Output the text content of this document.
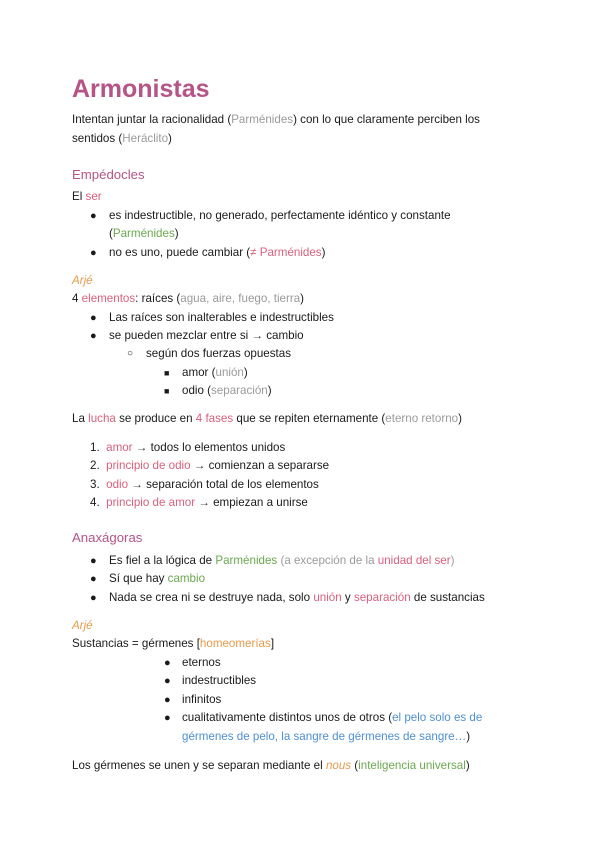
Armonistas
Intentan juntar la racionalidad (Parménides) con lo que claramente perciben los
sentidos (Heráclito)
Empédocles
El ser
● es indestructible, no generado, perfectamente idéntico y constante
(Parménides)
● no es uno, puede cambiar (≠ Parménides)
Arjé
4 elementos: raíces (agua, aire, fuego, tierra)
● Las raíces son inalterables e indestructibles
● se pueden mezclar entre si → cambio
○ según dos fuerzas opuestas
■ amor (unión)
■ odio (separación)
La lucha se produce en 4 fases que se repiten eternamente (eterno retorno)
1. amor → todos lo elementos unidos
2. principio de odio → comienzan a separarse
3. odio → separación total de los elementos
4. principio de amor → empiezan a unirse
Anaxágoras
● Es fiel a la lógica de Parménides (a excepción de la unidad del ser)
● Sí que hay cambio
● Nada se crea ni se destruye nada, solo unión y separación de sustancias
Arjé
Sustancias = gérmenes [homeomerías]
● eternos
● indestructibles
● infinitos
● cualitativamente distintos unos de otros (el pelo solo es de
gérmenes de pelo, la sangre de gérmenes de sangre…)
Los gérmenes se unen y se separan mediante el nous (inteligencia universal)
